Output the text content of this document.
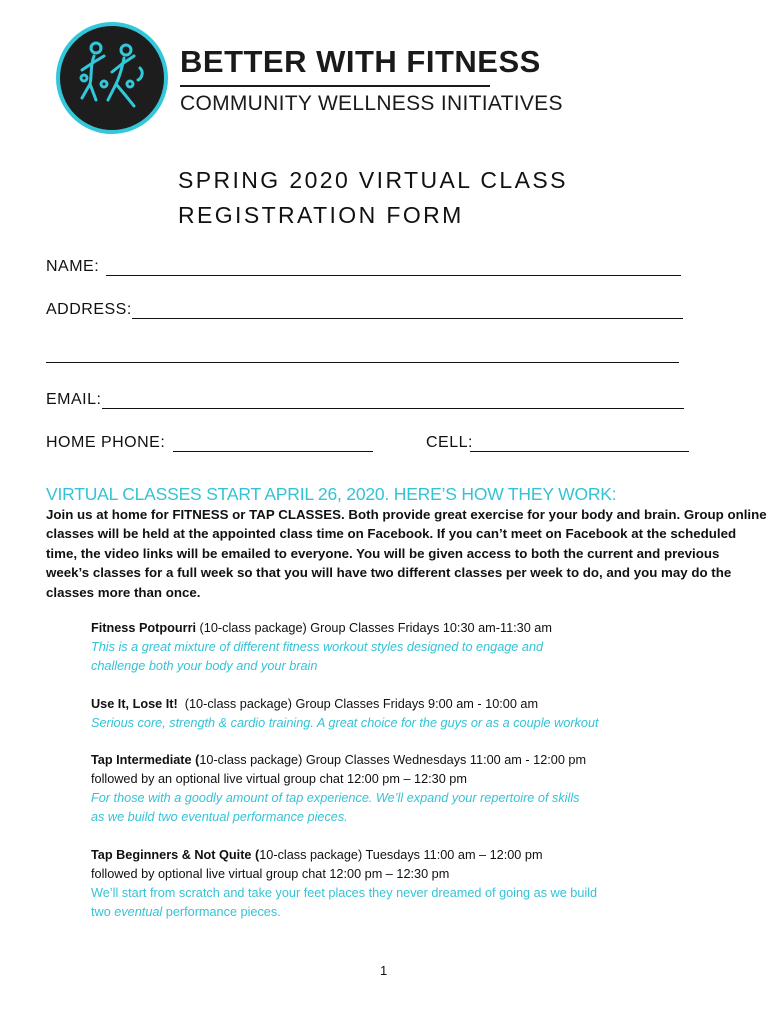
BETTER WITH FITNESS
COMMUNITY WELLNESS INITIATIVES
SPRING 2020 VIRTUAL CLASS
REGISTRATION FORM
NAME:
ADDRESS:
EMAIL:
HOME PHONE:	CELL:
VIRTUAL CLASSES START APRIL 26, 2020. HERE’S HOW THEY WORK:
Join us at home for FITNESS or TAP CLASSES. Both provide great exercise for your body and brain. Group online
classes will be held at the appointed class time on Facebook. If you can’t meet on Facebook at the scheduled
time, the video links will be emailed to everyone. You will be given access to both the current and previous
week’s classes for a full week so that you will have two different classes per week to do, and you may do the
classes more than once.
Fitness Potpourri (10-class package) Group Classes Fridays 10:30 am-11:30 am
This is a great mixture of different fitness workout styles designed to engage and
challenge both your body and your brain
Use It, Lose It!  (10-class package) Group Classes Fridays 9:00 am - 10:00 am
Serious core, strength & cardio training. A great choice for the guys or as a couple workout
Tap Intermediate (10-class package) Group Classes Wednesdays 11:00 am - 12:00 pm
followed by an optional live virtual group chat 12:00 pm – 12:30 pm
For those with a goodly amount of tap experience. We’ll expand your repertoire of skills
as we build two eventual performance pieces.
Tap Beginners & Not Quite (10-class package) Tuesdays 11:00 am – 12:00 pm
followed by optional live virtual group chat 12:00 pm – 12:30 pm
We’ll start from scratch and take your feet places they never dreamed of going as we build
two eventual performance pieces.
1
